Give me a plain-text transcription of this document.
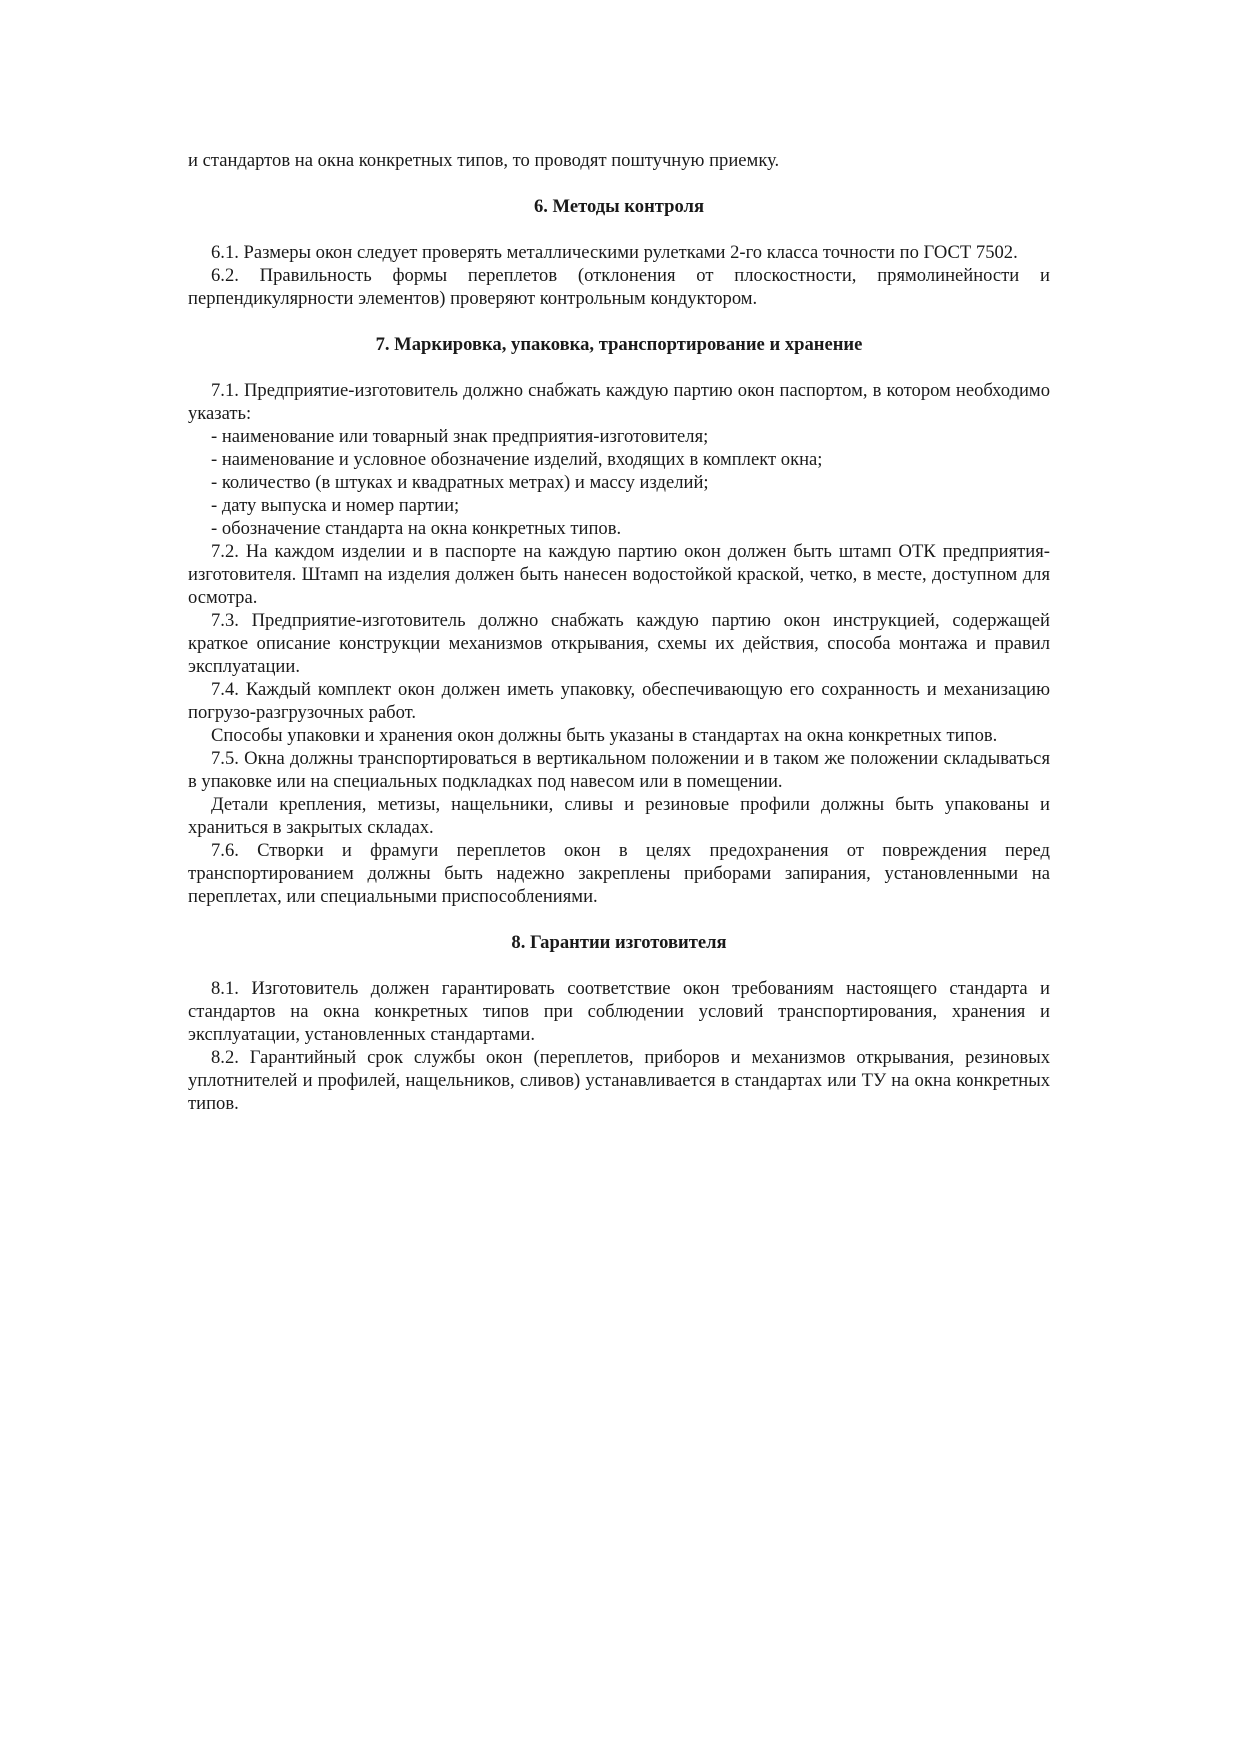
и стандартов на окна конкретных типов, то проводят поштучную приемку.

6. Методы контроля

6.1. Размеры окон следует проверять металлическими рулетками 2-го класса точности по ГОСТ 7502.

6.2. Правильность формы переплетов (отклонения от плоскостности, прямолинейности и перпендикулярности элементов) проверяют контрольным кондуктором.

7. Маркировка, упаковка, транспортирование и хранение

7.1. Предприятие-изготовитель должно снабжать каждую партию окон паспортом, в котором необходимо указать:

- наименование или товарный знак предприятия-изготовителя;

- наименование и условное обозначение изделий, входящих в комплект окна;

- количество (в штуках и квадратных метрах) и массу изделий;

- дату выпуска и номер партии;

- обозначение стандарта на окна конкретных типов.

7.2. На каждом изделии и в паспорте на каждую партию окон должен быть штамп ОТК предприятия-изготовителя. Штамп на изделия должен быть нанесен водостойкой краской, четко, в месте, доступном для осмотра.

7.3. Предприятие-изготовитель должно снабжать каждую партию окон инструкцией, содержащей краткое описание конструкции механизмов открывания, схемы их действия, способа монтажа и правил эксплуатации.

7.4. Каждый комплект окон должен иметь упаковку, обеспечивающую его сохранность и механизацию погрузо-разгрузочных работ.

Способы упаковки и хранения окон должны быть указаны в стандартах на окна конкретных типов.

7.5. Окна должны транспортироваться в вертикальном положении и в таком же положении складываться в упаковке или на специальных подкладках под навесом или в помещении.

Детали крепления, метизы, нащельники, сливы и резиновые профили должны быть упакованы и храниться в закрытых складах.

7.6. Створки и фрамуги переплетов окон в целях предохранения от повреждения перед транспортированием должны быть надежно закреплены приборами запирания, установленными на переплетах, или специальными приспособлениями.

8. Гарантии изготовителя

8.1. Изготовитель должен гарантировать соответствие окон требованиям настоящего стандарта и стандартов на окна конкретных типов при соблюдении условий транспортирования, хранения и эксплуатации, установленных стандартами.

8.2. Гарантийный срок службы окон (переплетов, приборов и механизмов открывания, резиновых уплотнителей и профилей, нащельников, сливов) устанавливается в стандартах или ТУ на окна конкретных типов.
